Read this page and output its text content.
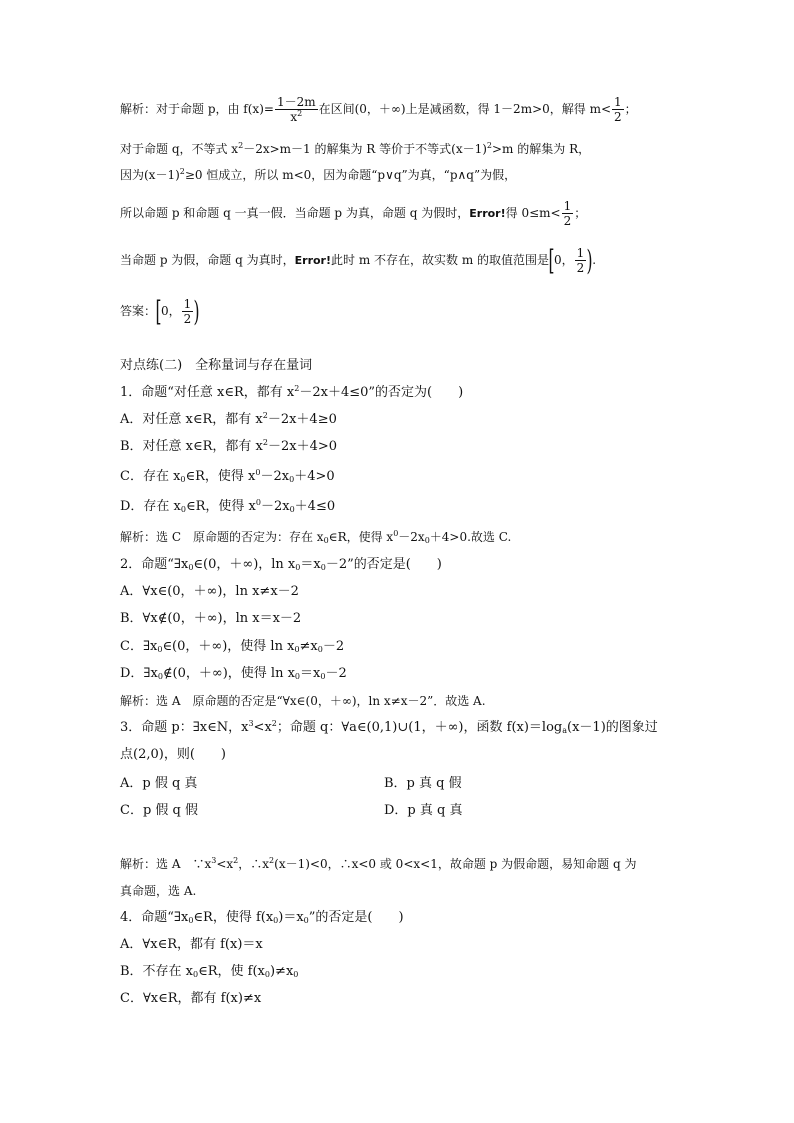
解析：对于命题 p，由 $f(x)= \frac{1-2m}{x^2}$ 在区间(0，＋∞)上是减函数，得 1－2m>0，解得 $m< \frac{1}{2}$ ；
对于命题 q，不等式 $x^2-2x>m-1$ 的解集为 R 等价于不等式$(x-1)^2>m$ 的解集为 R，
因为$(x-1)^2\ge 0$ 恒成立，所以 m<0，因为命题“p∨q”为真，“p∧q”为假，
所以命题 p 和命题 q 一真一假．当命题 p 为真，命题 q 为假时，Error!得 $0\le m< \frac{1}{2}$ ；
当命题 p 为假，命题 q 为真时，Error!此时 m 不存在，故实数 m 的取值范围是[0， $\frac{1}{2}$ ).
答案：[0， $\frac{1}{2}$ )
对点练(二)　全称量词与存在量词
1．命题“对任意 x∈R，都有 $x^2-2x+4\le 0$”的否定为(　　)
A．对任意 x∈R，都有 $x^2-2x+4\ge 0$
B．对任意 x∈R，都有 $x^2-2x+4>0$
C．存在 $x_0\in R$，使得 $x^0-2x_0+4>0$
D．存在 $x_0\in R$，使得 $x^0-2x_0+4\le 0$
解析：选 C　原命题的否定为：存在 $x_0\in R$，使得 $x^0-2x_0+4>0$.故选 C.
2．命题“$\exists x_0\in(0$，＋∞)，$\ln x_0=x_0-2$”的否定是(　　)
A．∀x∈(0，＋∞)，ln x≠x－2
B．∀x∉(0，＋∞)，ln x＝x－2
C．$\exists x_0\in(0$，＋∞)，使得 $\ln x_0\ne x_0-2$
D．$\exists x_0\notin(0$，＋∞)，使得 $\ln x_0=x_0-2$
解析：选 A　原命题的否定是“∀x∈(0，＋∞)，ln x≠x－2”．故选 A.
3．命题 p：∃x∈N，$x^3<x^2$；命题 q：∀a∈(0,1)∪(1，＋∞)，函数 $f(x)=\log_a(x-1)$的图象过
点(2,0)，则(　　)
A．p 假 q 真	B．p 真 q 假
C．p 假 q 假	D．p 真 q 真
解析：选 A　$\because x^3<x^2$，$\therefore x^2(x-1)<0$，∴x<0 或 0<x<1，故命题 p 为假命题，易知命题 q 为
真命题，选 A.
4．命题“$\exists x_0\in R$，使得 $f(x_0)=x_0$”的否定是(　　)
A．∀x∈R，都有 f(x)＝x
B．不存在 $x_0\in R$，使 $f(x_0)\ne x_0$
C．∀x∈R，都有 f(x)≠x
